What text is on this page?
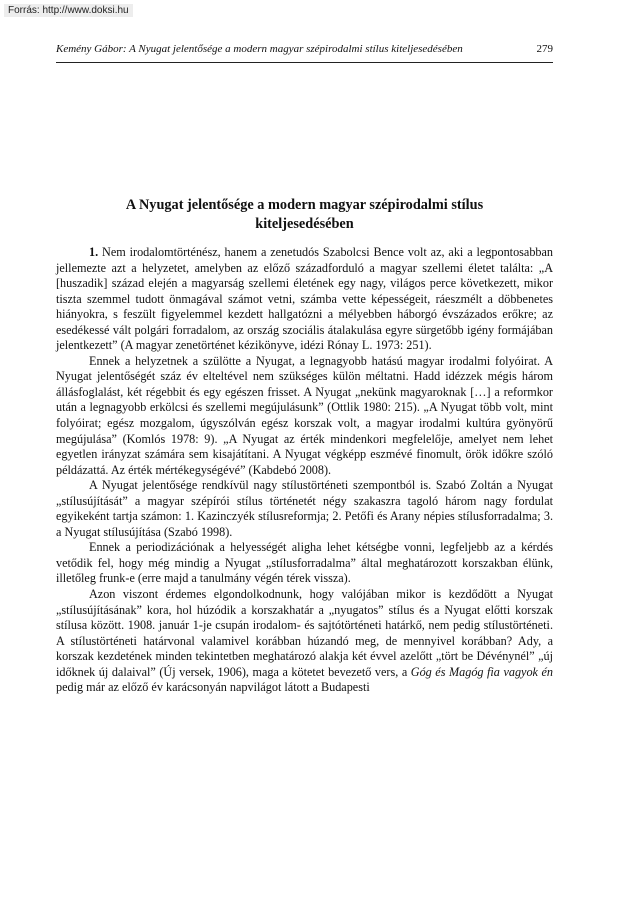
Forrás: http://www.doksi.hu
Kemény Gábor: A Nyugat jelentősége a modern magyar szépirodalmi stílus kiteljesedésében	279
A Nyugat jelentősége a modern magyar szépirodalmi stílus
kiteljesedésében

1. Nem irodalomtörténész, hanem a zenetudós Szabolcsi Bence volt az, aki a legpontosabban jellemezte azt a helyzetet, amelyben az előző századforduló a magyar szellemi életet találta: „A [huszadik] század elején a magyarság szellemi életének egy nagy, világos perce következett, mikor tiszta szemmel tudott önmagával számot vetni, számba vette képességeit, ráeszmélt a döbbenetes hiányokra, s feszült figyelemmel kezdett hallgatózni a mélyebben háborgó évszázados erőkre; az esedékessé vált polgári forradalom, az ország szociális átalakulása egyre sürgetőbb igény formájában jelentkezett” (A magyar zenetörténet kézikönyve, idézi Rónay L. 1973: 251).

Ennek a helyzetnek a szülötte a Nyugat, a legnagyobb hatású magyar irodalmi folyóirat. A Nyugat jelentőségét száz év elteltével nem szükséges külön méltatni. Hadd idézzek mégis három állásfoglalást, két régebbit és egy egészen frisset. A Nyugat „nekünk magyaroknak […] a reformkor után a legnagyobb erkölcsi és szellemi megújulásunk” (Ottlik 1980: 215). „A Nyugat több volt, mint folyóirat; egész mozgalom, úgyszólván egész korszak volt, a magyar irodalmi kultúra gyönyörű megújulása” (Komlós 1978: 9). „A Nyugat az érték mindenkori megfelelője, amelyet nem lehet egyetlen irányzat számára sem kisajátítani. A Nyugat végképp eszmévé finomult, örök időkre szóló példázattá. Az érték mértékegységévé” (Kabdebó 2008).

A Nyugat jelentősége rendkívül nagy stílustörténeti szempontból is. Szabó Zoltán a Nyugat „stílusújítását” a magyar szépírói stílus történetét négy szakaszra tagoló három nagy fordulat egyikeként tartja számon: 1. Kazinczyék stílusreformja; 2. Petőfi és Arany népies stílusforradalma; 3. a Nyugat stílusújítása (Szabó 1998).

Ennek a periodizációnak a helyességét aligha lehet kétségbe vonni, legfeljebb az a kérdés vetődik fel, hogy még mindig a Nyugat „stílusforradalma” által meghatározott korszakban élünk, illetőleg frunk-e (erre majd a tanulmány végén térek vissza).

Azon viszont érdemes elgondolkodnunk, hogy valójában mikor is kezdődött a Nyugat „stílusújításának” kora, hol húzódik a korszakhatár a „nyugatos” stílus és a Nyugat előtti korszak stílusa között. 1908. január 1-je csupán irodalom- és sajtótörténeti határkő, nem pedig stílustörténeti. A stílustörténeti határvonal valamivel korábban húzandó meg, de mennyivel korábban? Ady, a korszak kezdetének minden tekintetben meghatározó alakja két évvel azelőtt „tört be Dévénynél” „új időknek új dalaival” (Új versek, 1906), maga a kötetet bevezető vers, a Góg és Magóg fia vagyok én pedig már az előző év karácsonyán napvilágot látott a Budapesti
